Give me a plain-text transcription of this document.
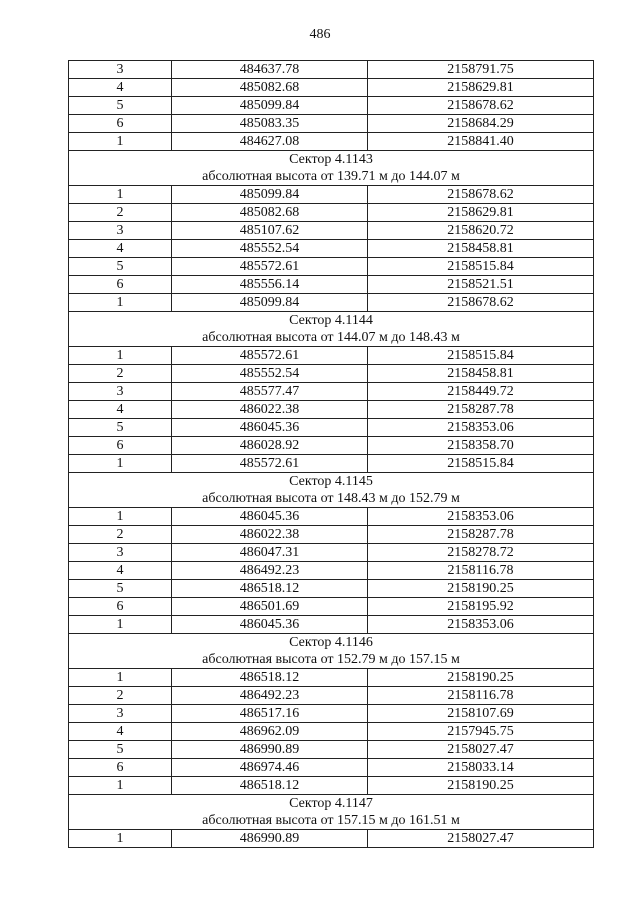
486
3	484637.78	2158791.75
4	485082.68	2158629.81
5	485099.84	2158678.62
6	485083.35	2158684.29
1	484627.08	2158841.40
Сектор 4.1143		
абсолютная высота от 139.71 м до 144.07 м		
1	485099.84	2158678.62
2	485082.68	2158629.81
3	485107.62	2158620.72
4	485552.54	2158458.81
5	485572.61	2158515.84
6	485556.14	2158521.51
1	485099.84	2158678.62
Сектор 4.1144		
абсолютная высота от 144.07 м до 148.43 м		
1	485572.61	2158515.84
2	485552.54	2158458.81
3	485577.47	2158449.72
4	486022.38	2158287.78
5	486045.36	2158353.06
6	486028.92	2158358.70
1	485572.61	2158515.84
Сектор 4.1145		
абсолютная высота от 148.43 м до 152.79 м		
1	486045.36	2158353.06
2	486022.38	2158287.78
3	486047.31	2158278.72
4	486492.23	2158116.78
5	486518.12	2158190.25
6	486501.69	2158195.92
1	486045.36	2158353.06
Сектор 4.1146		
абсолютная высота от 152.79 м до 157.15 м		
1	486518.12	2158190.25
2	486492.23	2158116.78
3	486517.16	2158107.69
4	486962.09	2157945.75
5	486990.89	2158027.47
6	486974.46	2158033.14
1	486518.12	2158190.25
Сектор 4.1147		
абсолютная высота от 157.15 м до 161.51 м		
1	486990.89	2158027.47
